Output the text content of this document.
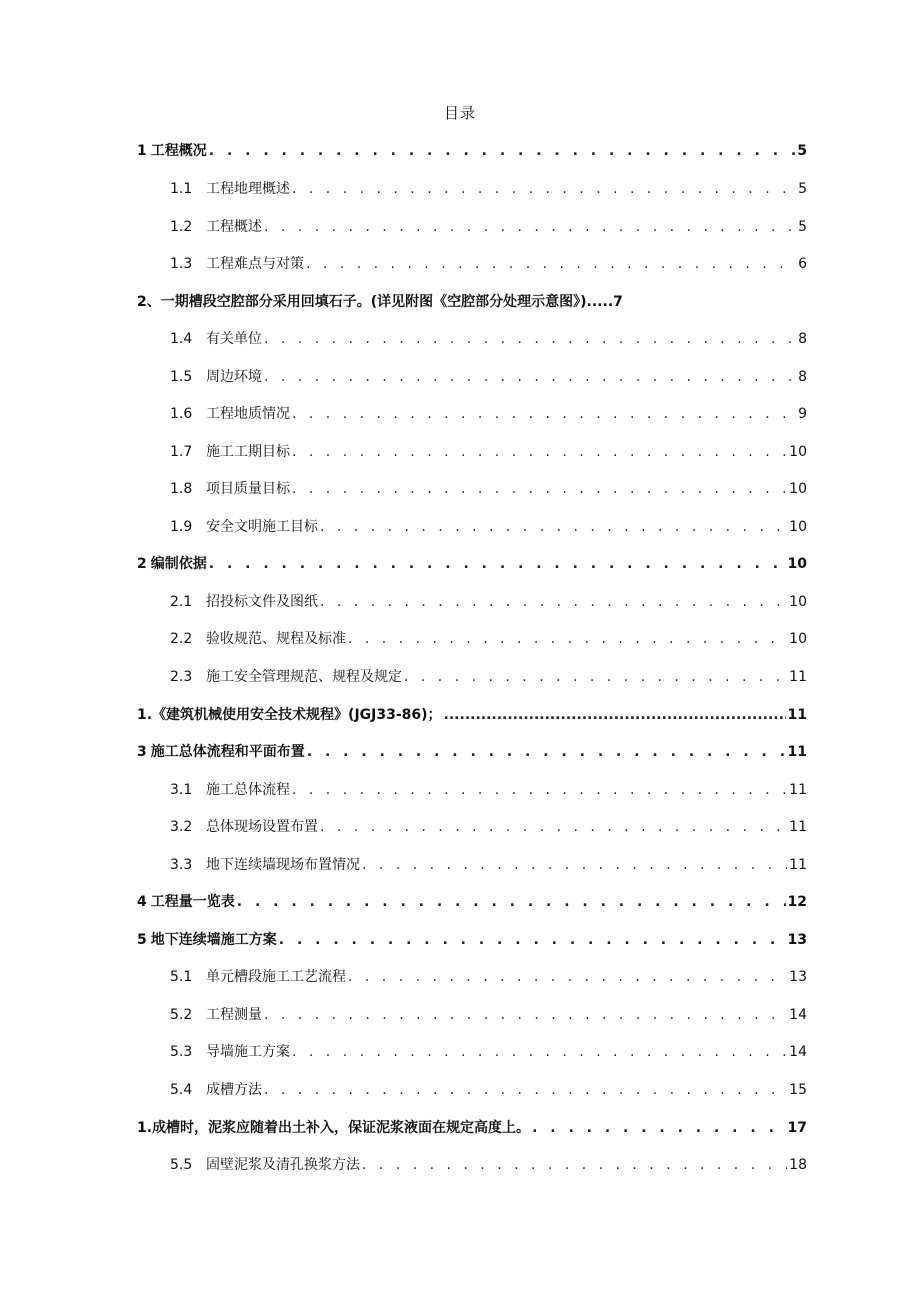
目录
1 工程概况 . . .	5
1.1 工程地理概述 . . .	5
1.2 工程概述 . . .	5
1.3 工程难点与对策 . . .	6
2、 一期槽段空腔部分采用回填石子。(详见附图《空腔部分处理示意图》) .....7
1.4 有关单位 . . .	8
1.5 周边环境 . . .	8
1.6 工程地质情况 . . .	9
1.7 施工工期目标 . . .	10
1.8 项目质量目标 . . .	10
1.9 安全文明施工目标 . . .	10
2 编制依据 . . .	10
2.1 招投标文件及图纸 . . .	10
2.2 验收规范、规程及标准 . . .	10
2.3 施工安全管理规范、规程及规定 . . .	11
1. 《建筑机械使用安全技术规程》(JGJ33-86)； .....	11
3 施工总体流程和平面布置 . . .	11
3.1 施工总体流程 . . .	11
3.2 总体现场设置布置 . . .	11
3.3 地下连续墙现场布置情况 . . .	11
4 工程量一览表 . . .	12
5 地下连续墙施工方案 . . .	13
5.1 单元槽段施工工艺流程 . . .	13
5.2 工程测量 . . .	14
5.3 导墙施工方案 . . .	14
5.4 成槽方法 . . .	15
1. 成槽时，泥浆应随着出土补入，保证泥浆液面在规定高度上。 . . .	17
5.5 固壁泥浆及清孔换浆方法 . . .	18
